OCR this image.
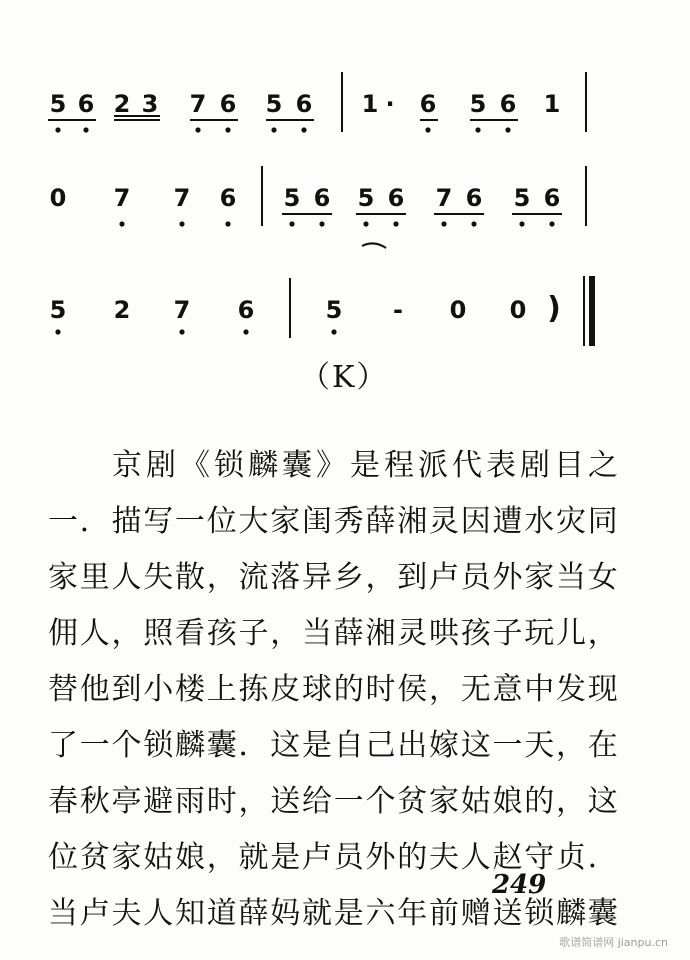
5 6 2 3 7 6 5 6 1 · 6 5 6 1
0 7 7 6 5 6 5 6 7 6 5 6
5 2 7 6	5 - 0 0 )
（K）
京 剧 《 锁 麟 囊 》 是 程 派 代 表 剧 目 之
一 ． 描 写 一 位 大 家 闺 秀 薛 湘 灵 因 遭 水 灾 同
家 里 人 失 散 ， 流 落 异 乡 ， 到 卢 员 外 家 当 女
佣 人 ， 照 看 孩 子 ， 当 薛 湘 灵 哄 孩 子 玩 儿 ，
替 他 到 小 楼 上 拣 皮 球 的 时 侯 ， 无 意 中 发 现
了 一 个 锁 麟 囊 ． 这 是 自 己 出 嫁 这 一 天 ， 在
春 秋 亭 避 雨 时 ， 送 给 一 个 贫 家 姑 娘 的 ， 这
位 贫 家 姑 娘 ， 就 是 卢 员 外 的 夫 人 赵 守 贞 ．
当 卢 夫 人 知 道 薛 妈 就 是 六 年 前 赠 送 锁 麟 囊
249
歌谱简谱网 jianpu.cn
